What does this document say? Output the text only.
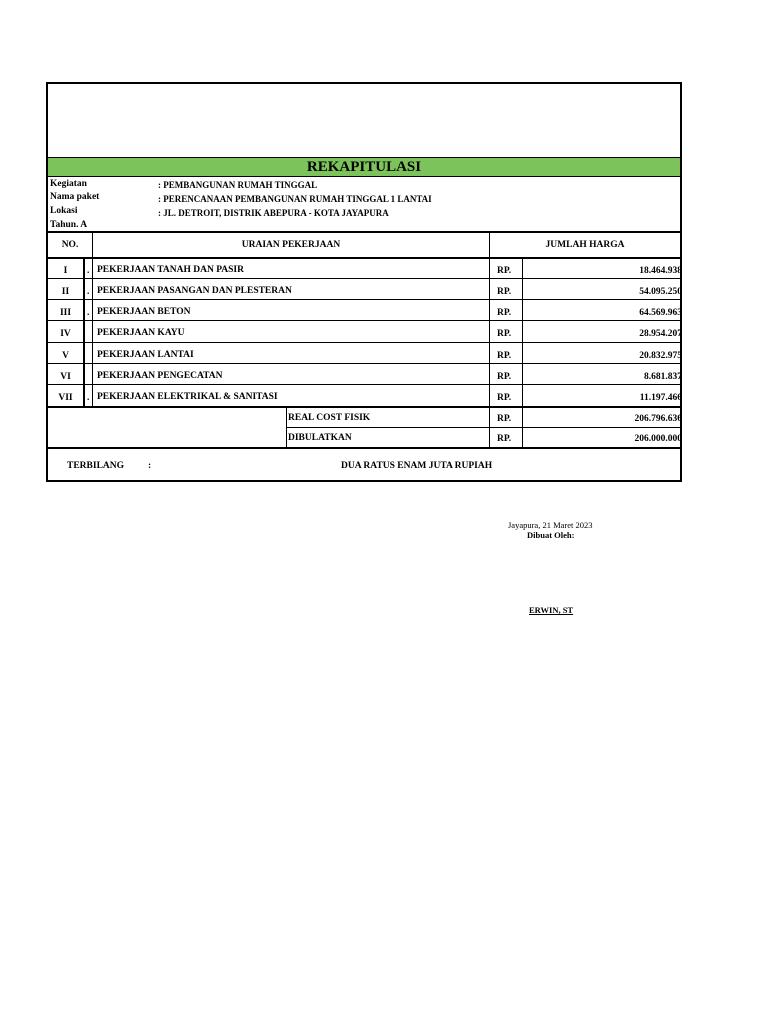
REKAPITULASI
Kegiatan	: PEMBANGUNAN RUMAH TINGGAL
Nama paket	: PERENCANAAN PEMBANGUNAN RUMAH TINGGAL 1 LANTAI
Lokasi	: JL. DETROIT, DISTRIK ABEPURA - KOTA JAYAPURA
Tahun. A
NO.	URAIAN PEKERJAAN	JUMLAH HARGA
I	. PEKERJAAN TANAH DAN PASIR	RP.	18.464.938
II	. PEKERJAAN PASANGAN DAN PLESTERAN	RP.	54.095.250
III	. PEKERJAAN BETON	RP.	64.569.963
IV	PEKERJAAN KAYU	RP.	28.954.207
V	PEKERJAAN LANTAI	RP.	20.832.975
VI	PEKERJAAN PENGECATAN	RP.	8.681.837
VII	. PEKERJAAN ELEKTRIKAL & SANITASI	RP.	11.197.466
REAL COST FISIK	RP.	206.796.636
DIBULATKAN	RP.	206.000.000
TERBILANG	:	DUA RATUS ENAM JUTA RUPIAH
Jayapura, 21 Maret 2023
Dibuat Oleh:
ERWIN, ST
